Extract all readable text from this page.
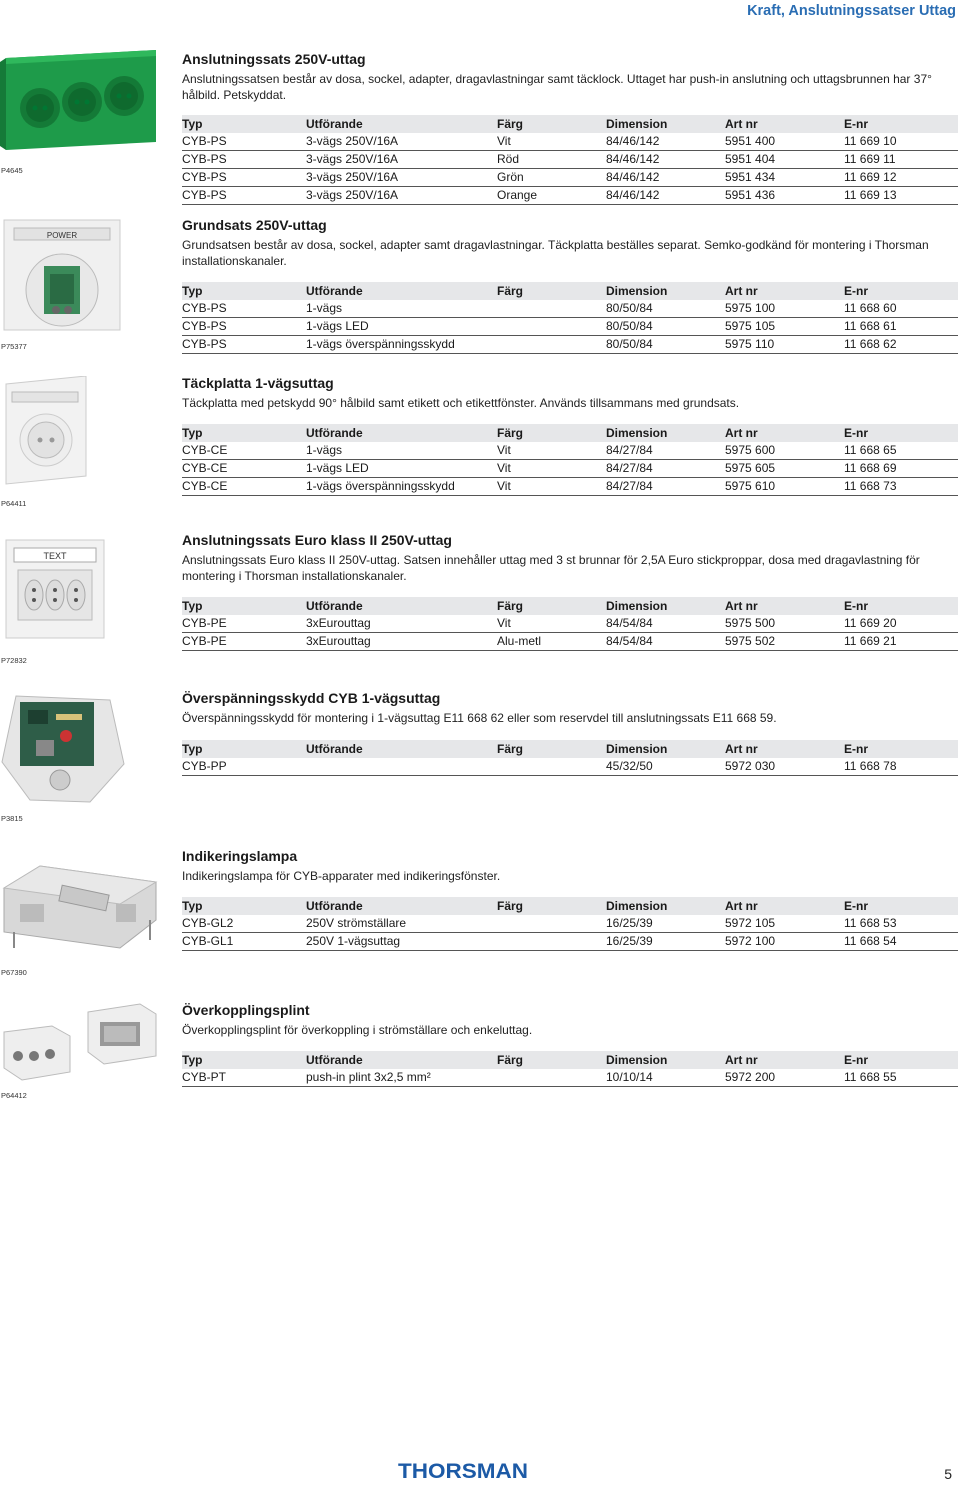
Kraft, Anslutningssatser Uttag
P4645
Anslutningssats 250V-uttag
Anslutningssatsen består av dosa, sockel, adapter, dragavlastningar samt täcklock. Uttaget har push-in anslutning och uttagsbrunnen har 37° hålbild. Petskyddat.
Typ	Utförande	Färg	Dimension	Art nr	E-nr
CYB-PS	3-vägs 250V/16A	Vit	84/46/142	5951 400	11 669 10
CYB-PS	3-vägs 250V/16A	Röd	84/46/142	5951 404	11 669 11
CYB-PS	3-vägs 250V/16A	Grön	84/46/142	5951 434	11 669 12
CYB-PS	3-vägs 250V/16A	Orange	84/46/142	5951 436	11 669 13
POWER
P75377
Grundsats 250V-uttag
Grundsatsen består av dosa, sockel, adapter samt dragavlastningar. Täckplatta beställes separat. Semko-godkänd för montering i Thorsman installationskanaler.
Typ	Utförande	Färg	Dimension	Art nr	E-nr
CYB-PS	1-vägs		80/50/84	5975 100	11 668 60
CYB-PS	1-vägs LED		80/50/84	5975 105	11 668 61
CYB-PS	1-vägs överspänningsskydd		80/50/84	5975 110	11 668 62
P64411
Täckplatta 1-vägsuttag
Täckplatta med petskydd 90° hålbild samt etikett och etikettfönster. Används tillsammans med grundsats.
Typ	Utförande	Färg	Dimension	Art nr	E-nr
CYB-CE	1-vägs	Vit	84/27/84	5975 600	11 668 65
CYB-CE	1-vägs LED	Vit	84/27/84	5975 605	11 668 69
CYB-CE	1-vägs överspänningsskydd	Vit	84/27/84	5975 610	11 668 73
TEXT
P72832
Anslutningssats Euro klass II 250V-uttag
Anslutningssats Euro klass II 250V-uttag. Satsen innehåller uttag med 3 st brunnar för 2,5A Euro stickproppar, dosa med dragavlastning för montering i Thorsman installationskanaler.
Typ	Utförande	Färg	Dimension	Art nr	E-nr
CYB-PE	3xEurouttag	Vit	84/54/84	5975 500	11 669 20
CYB-PE	3xEurouttag	Alu-metl	84/54/84	5975 502	11 669 21
P3815
Överspänningsskydd CYB 1-vägsuttag
Överspänningsskydd för montering i 1-vägsuttag E11 668 62 eller som reservdel till anslutningssats E11 668 59.
Typ	Utförande	Färg	Dimension	Art nr	E-nr
CYB-PP			45/32/50	5972 030	11 668 78
P67390
Indikeringslampa
Indikeringslampa för CYB-apparater med indikeringsfönster.
Typ	Utförande	Färg	Dimension	Art nr	E-nr
CYB-GL2	250V strömställare		16/25/39	5972 105	11 668 53
CYB-GL1	250V 1-vägsuttag		16/25/39	5972 100	11 668 54
P64412
Överkopplingsplint
Överkopplingsplint för överkoppling i strömställare och enkeluttag.
Typ	Utförande	Färg	Dimension	Art nr	E-nr
CYB-PT	push-in plint 3x2,5 mm²		10/10/14	5972 200	11 668 55
THORSMAN	5
